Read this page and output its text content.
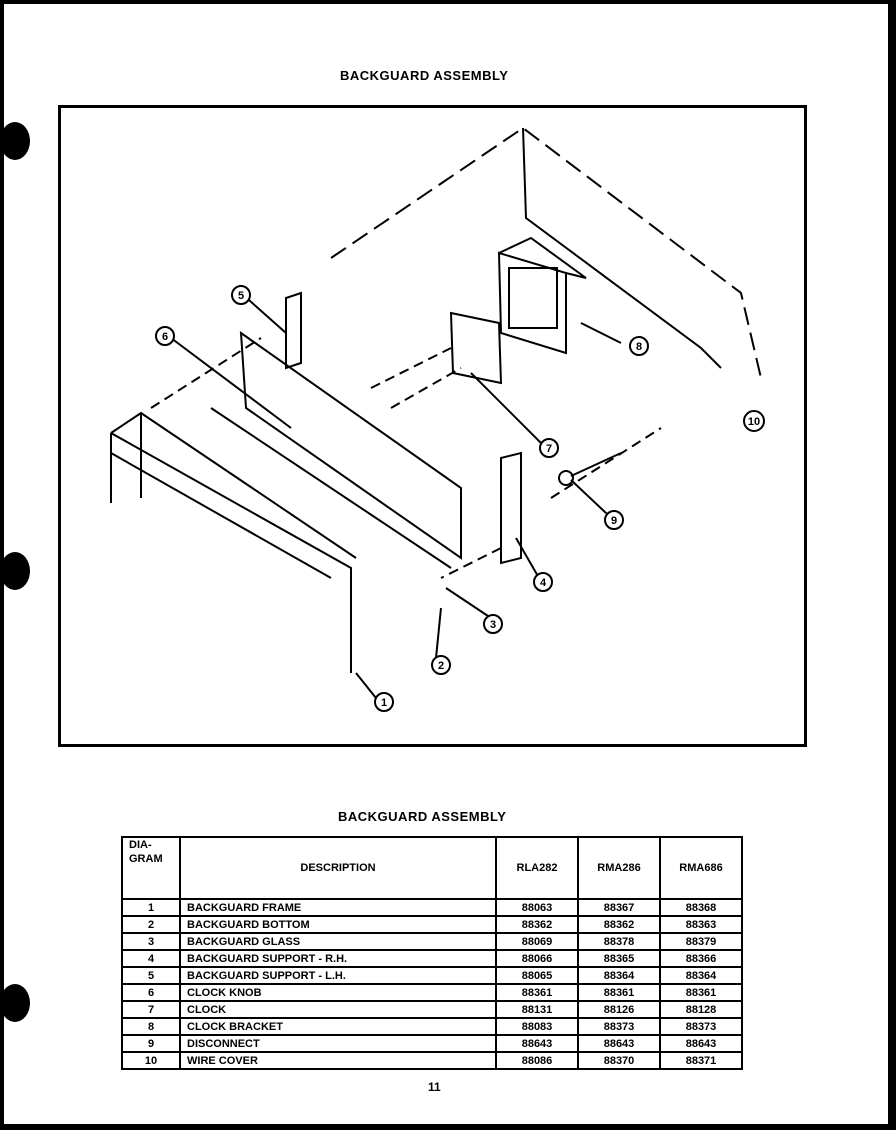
BACKGUARD ASSEMBLY
1
2
3
4
5
6
7
8
9
10
BACKGUARD ASSEMBLY
DIA-GRAM	DESCRIPTION	RLA282	RMA286	RMA686
1	BACKGUARD FRAME	88063	88367	88368
2	BACKGUARD BOTTOM	88362	88362	88363
3	BACKGUARD GLASS	88069	88378	88379
4	BACKGUARD SUPPORT - R.H.	88066	88365	88366
5	BACKGUARD SUPPORT - L.H.	88065	88364	88364
6	CLOCK KNOB	88361	88361	88361
7	CLOCK	88131	88126	88128
8	CLOCK BRACKET	88083	88373	88373
9	DISCONNECT	88643	88643	88643
10	WIRE COVER	88086	88370	88371
11
